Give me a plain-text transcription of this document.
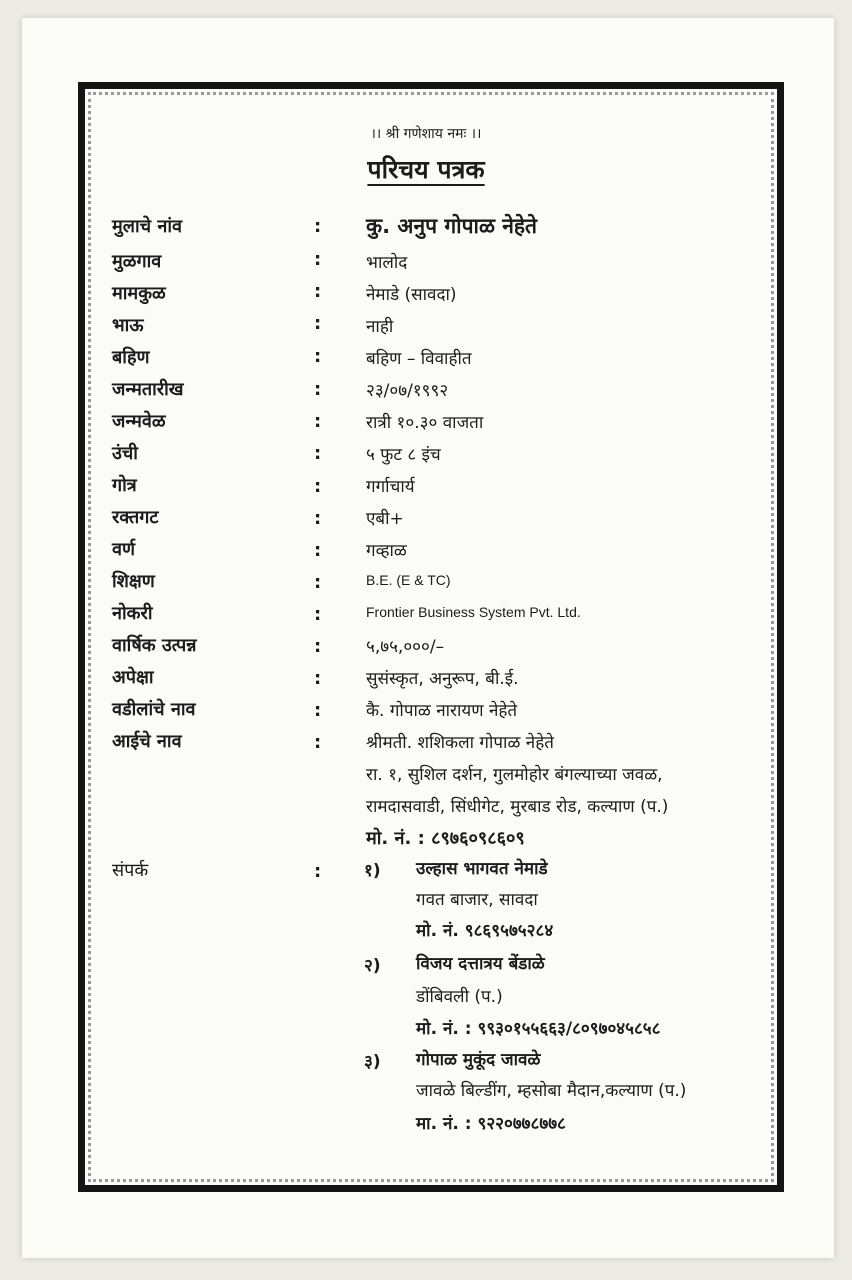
।। श्री गणेशाय नमः ।।
परिचय पत्रक
मुलाचे नांव	: कु. अनुप गोपाळ नेहेते
मुळगाव	:	भालोद
मामकुळ	:	नेमाडे (सावदा)
भाऊ	:	नाही
बहिण	:	बहिण – विवाहीत
जन्मतारीख	:	२३/०७/१९९२
जन्मवेळ	:	रात्री १०.३० वाजता
उंची	:	५ फुट ८ इंच
गोत्र	:	गर्गाचार्य
रक्तगट	:	एबी+
वर्ण	:	गव्हाळ
शिक्षण	:	B.E. (E & TC)
नोकरी	:	Frontier Business System Pvt. Ltd.
वार्षिक उत्पन्न	:	५,७५,०००/–
अपेक्षा	:	सुसंस्कृत, अनुरूप, बी.ई.
वडीलांचे नाव	:	कै. गोपाळ नारायण नेहेते
आईचे नाव	:	श्रीमती. शशिकला गोपाळ नेहेते
रा. १, सुशिल दर्शन, गुलमोहोर बंगल्याच्या जवळ,
रामदासवाडी, सिंधीगेट, मुरबाड रोड, कल्याण (प.)
मो. नं. : ८९७६०९८६०९
संपर्क	:	१) उल्हास भागवत नेमाडे
गवत बाजार, सावदा
मो. नं. ९८६९५७५२८४
२) विजय दत्तात्रय बेंडाळे
डोंबिवली (प.)
मो. नं. : ९९३०१५५६६३/८०९७०४५८५८
३) गोपाळ मुकूंद जावळे
जावळे बिल्डींग, म्हसोबा मैदान,कल्याण (प.)
मा. नं. : ९२२०७७८७७८
